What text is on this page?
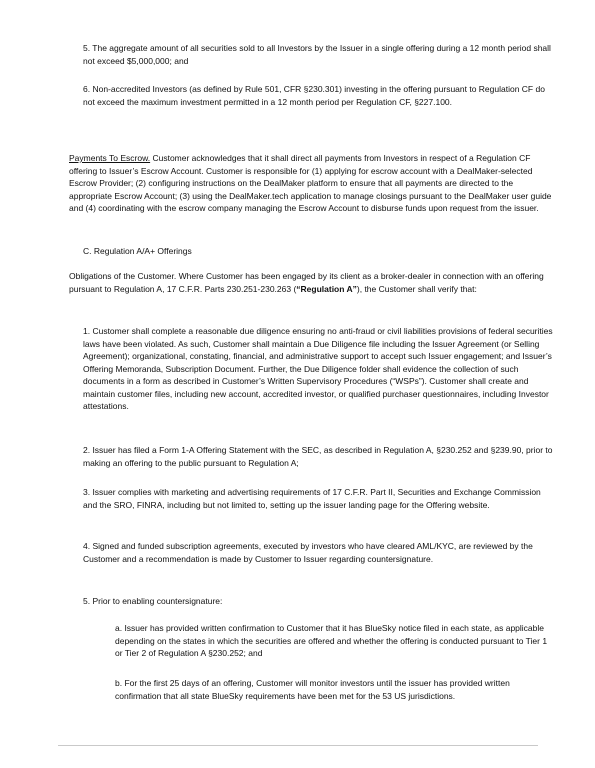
5. The aggregate amount of all securities sold to all Investors by the Issuer in a single offering during a 12 month period shall not exceed $5,000,000; and

6. Non-accredited Investors (as defined by Rule 501, CFR §230.301) investing in the offering pursuant to Regulation CF do not exceed the maximum investment permitted in a 12 month period per Regulation CF, §227.100.

Payments To Escrow. Customer acknowledges that it shall direct all payments from Investors in respect of a Regulation CF offering to Issuer’s Escrow Account. Customer is responsible for (1) applying for escrow account with a DealMaker-selected Escrow Provider; (2) configuring instructions on the DealMaker platform to ensure that all payments are directed to the appropriate Escrow Account; (3) using the DealMaker.tech application to manage closings pursuant to the DealMaker user guide and (4) coordinating with the escrow company managing the Escrow Account to disburse funds upon request from the issuer.

C. Regulation A/A+ Offerings

Obligations of the Customer. Where Customer has been engaged by its client as a broker-dealer in connection with an offering pursuant to Regulation A, 17 C.F.R. Parts 230.251-230.263 (“Regulation A”), the Customer shall verify that:

1. Customer shall complete a reasonable due diligence ensuring no anti-fraud or civil liabilities provisions of federal securities laws have been violated. As such, Customer shall maintain a Due Diligence file including the Issuer Agreement (or Selling Agreement); organizational, constating, financial, and administrative support to accept such Issuer engagement; and Issuer’s Offering Memoranda, Subscription Document. Further, the Due Diligence folder shall evidence the collection of such documents in a form as described in Customer’s Written Supervisory Procedures (“WSPs”). Customer shall create and maintain customer files, including new account, accredited investor, or qualified purchaser questionnaires, including Investor attestations.

2. Issuer has filed a Form 1-A Offering Statement with the SEC, as described in Regulation A, §230.252 and §239.90, prior to making an offering to the public pursuant to Regulation A;

3. Issuer complies with marketing and advertising requirements of 17 C.F.R. Part II, Securities and Exchange Commission and the SRO, FINRA, including but not limited to, setting up the issuer landing page for the Offering website.

4. Signed and funded subscription agreements, executed by investors who have cleared AML/KYC, are reviewed by the Customer and a recommendation is made by Customer to Issuer regarding countersignature.

5. Prior to enabling countersignature:

a. Issuer has provided written confirmation to Customer that it has BlueSky notice filed in each state, as applicable depending on the states in which the securities are offered and whether the offering is conducted pursuant to Tier 1 or Tier 2 of Regulation A §230.252; and

b. For the first 25 days of an offering, Customer will monitor investors until the issuer has provided written confirmation that all state BlueSky requirements have been met for the 53 US jurisdictions.
